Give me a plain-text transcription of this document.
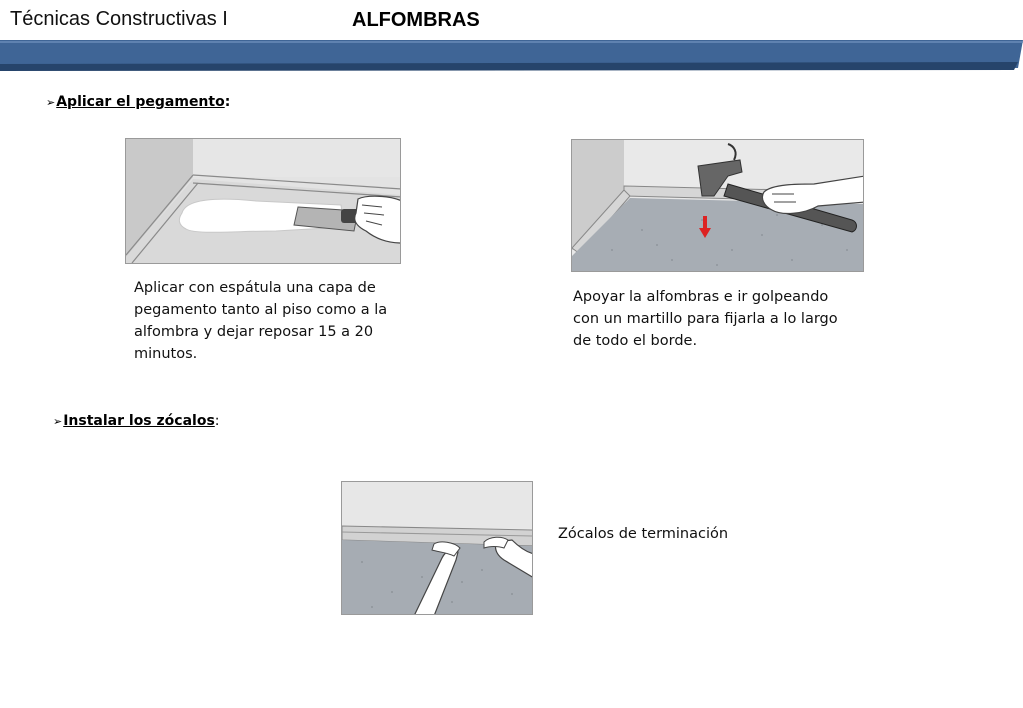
Técnicas Constructivas I	ALFOMBRAS
➢Aplicar el pegamento:
Aplicar con espátula una capa de pegamento tanto al piso como a la alfombra y dejar reposar 15 a 20 minutos.
Apoyar la alfombras e ir golpeando con un martillo para fijarla a lo largo de todo el borde.
➢Instalar los zócalos:
Zócalos de terminación
